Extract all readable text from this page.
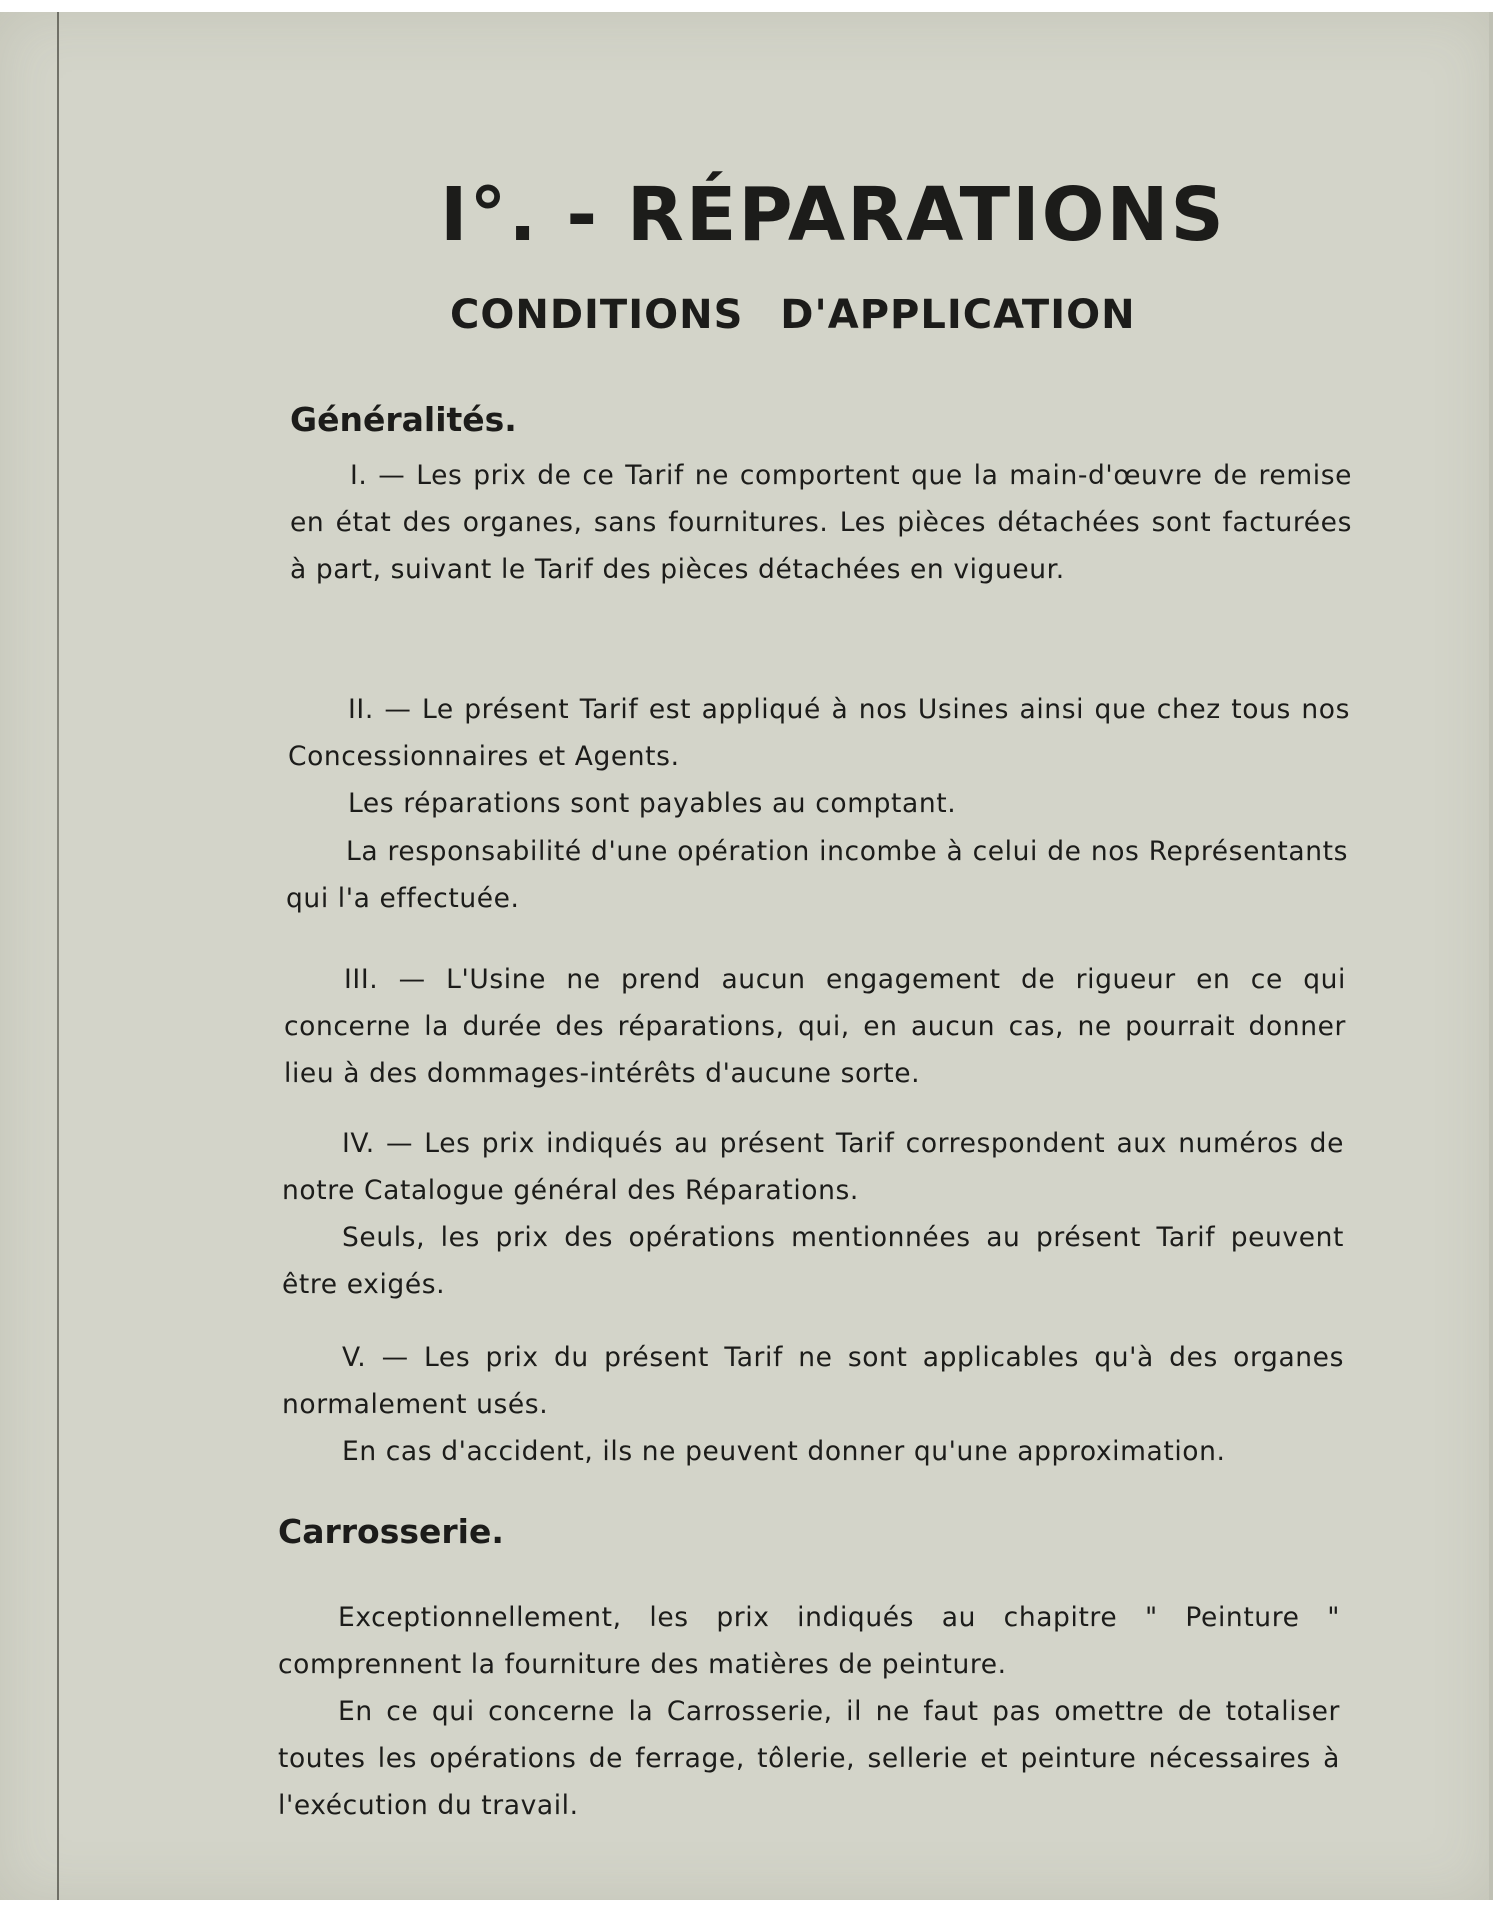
I°. - RÉPARATIONS
CONDITIONS D'APPLICATION
Généralités.

I. — Les prix de ce Tarif ne comportent que la main-d'œuvre de remise en état des organes, sans fournitures. Les pièces détachées sont facturées à part, suivant le Tarif des pièces détachées en vigueur.

II. — Le présent Tarif est appliqué à nos Usines ainsi que chez tous nos Concessionnaires et Agents.

Les réparations sont payables au comptant.

La responsabilité d'une opération incombe à celui de nos Représentants qui l'a effectuée.

III. — L'Usine ne prend aucun engagement de rigueur en ce qui concerne la durée des réparations, qui, en aucun cas, ne pourrait donner lieu à des dommages-intérêts d'aucune sorte.

IV. — Les prix indiqués au présent Tarif correspondent aux numéros de notre Catalogue général des Réparations.

Seuls, les prix des opérations mentionnées au présent Tarif peuvent être exigés.

V. — Les prix du présent Tarif ne sont applicables qu'à des organes normalement usés.

En cas d'accident, ils ne peuvent donner qu'une approximation.

Carrosserie.

Exceptionnellement, les prix indiqués au chapitre " Peinture " comprennent la fourniture des matières de peinture.

En ce qui concerne la Carrosserie, il ne faut pas omettre de totaliser toutes les opérations de ferrage, tôlerie, sellerie et peinture nécessaires à l'exécution du travail.
